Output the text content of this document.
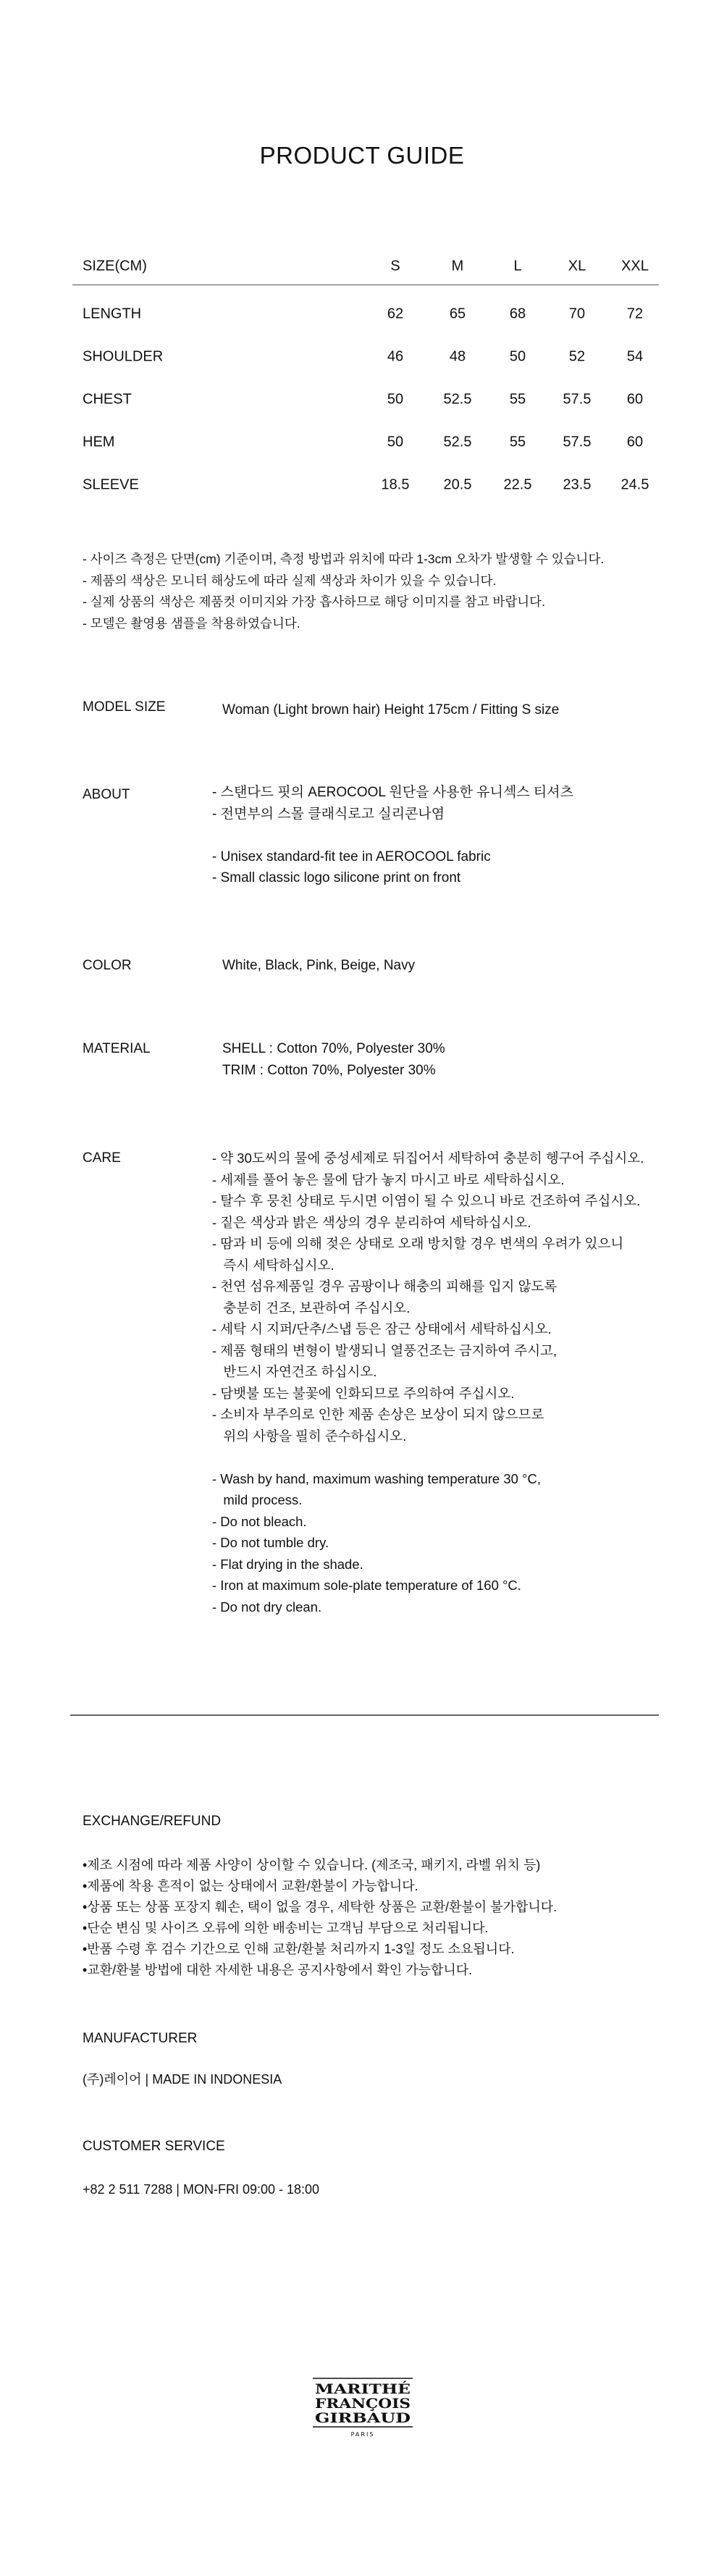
PRODUCT GUIDE
SIZE(CM)	S	M	L	XL XXL
LENGTH	62	65	68	70	72
SHOULDER	46	48	50	52	54
CHEST	50	52.5	55	57.5 60
HEM	50	52.5	55	57.5 60
SLEEVE	18.5 20.5 22.5 23.5 24.5

- 사이즈 측정은 단면(cm) 기준이며, 측정 방법과 위치에 따라 1-3cm 오차가 발생할 수 있습니다.

- 제품의 색상은 모니터 해상도에 따라 실제 색상과 차이가 있을 수 있습니다.

- 실제 상품의 색상은 제품컷 이미지와 가장 흡사하므로 해당 이미지를 참고 바랍니다.

- 모델은 촬영용 샘플을 착용하였습니다.

MODEL SIZE	Woman (Light brown hair) Height 175cm / Fitting S size

ABOUT	- 스탠다드 핏의 AEROCOOL 원단을 사용한 유니섹스 티셔츠

- 전면부의 스몰 클래식로고 실리콘나염

- Unisex standard-fit tee in AEROCOOL fabric

- Small classic logo silicone print on front

COLOR	White, Black, Pink, Beige, Navy

MATERIAL	SHELL : Cotton 70%, Polyester 30%

TRIM : Cotton 70%, Polyester 30%

CARE	- 약 30도씨의 물에 중성세제로 뒤집어서 세탁하여 충분히 헹구어 주십시오.

- 세제를 풀어 놓은 물에 담가 놓지 마시고 바로 세탁하십시오.

- 탈수 후 뭉친 상태로 두시면 이염이 될 수 있으니 바로 건조하여 주십시오.

- 짙은 색상과 밝은 색상의 경우 분리하여 세탁하십시오.

- 땀과 비 등에 의해 젖은 상태로 오래 방치할 경우 변색의 우려가 있으니

즉시 세탁하십시오.

- 천연 섬유제품일 경우 곰팡이나 해충의 피해를 입지 않도록

충분히 건조, 보관하여 주십시오.

- 세탁 시 지퍼/단추/스냅 등은 잠근 상태에서 세탁하십시오.

- 제품 형태의 변형이 발생되니 열풍건조는 금지하여 주시고,

반드시 자연건조 하십시오.

- 담뱃불 또는 불꽃에 인화되므로 주의하여 주십시오.

- 소비자 부주의로 인한 제품 손상은 보상이 되지 않으므로

위의 사항을 필히 준수하십시오.

- Wash by hand, maximum washing temperature 30 °C,

mild process.

- Do not bleach.

- Do not tumble dry.

- Flat drying in the shade.

- Iron at maximum sole-plate temperature of 160 °C.

- Do not dry clean.

EXCHANGE/REFUND

•제조 시점에 따라 제품 사양이 상이할 수 있습니다. (제조국, 패키지, 라벨 위치 등)

•제품에 착용 흔적이 없는 상태에서 교환/환불이 가능합니다.

•상품 또는 상품 포장지 훼손, 택이 없을 경우, 세탁한 상품은 교환/환불이 불가합니다.

•단순 변심 및 사이즈 오류에 의한 배송비는 고객님 부담으로 처리됩니다.

•반품 수령 후 검수 기간으로 인해 교환/환불 처리까지 1-3일 정도 소요됩니다.

•교환/환불 방법에 대한 자세한 내용은 공지사항에서 확인 가능합니다.

MANUFACTURER

(주)레이어 | MADE IN INDONESIA

CUSTOMER SERVICE

+82 2 511 7288 | MON-FRI 09:00 - 18:00

MARITHÉ
FRANÇOIS
GIRBAUD
PARIS
